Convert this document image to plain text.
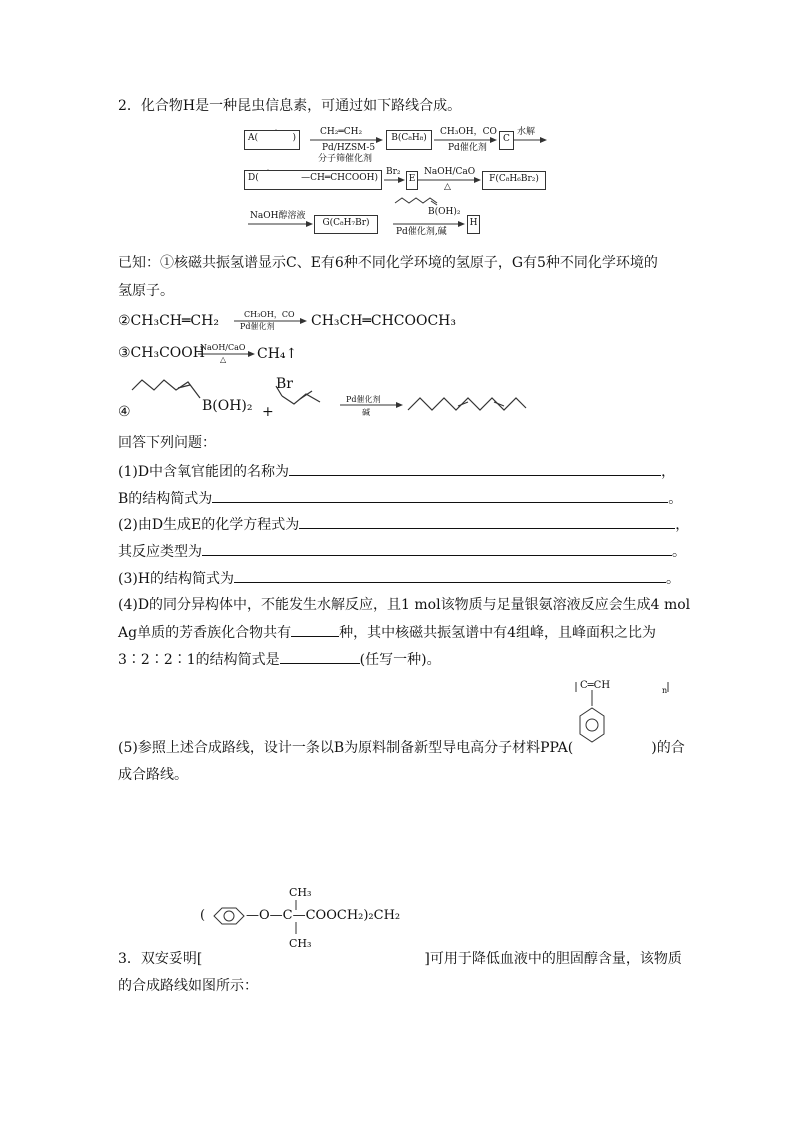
2．化合物H是一种昆虫信息素，可通过如下路线合成。
A(	)
CH₂═CH₂
Pd/HZSM-5
分子筛催化剂
B(C₈H₈)
CH₃OH，CO
Pd催化剂
C
水解
D(	—CH═CHCOOH)
Br₂
E
NaOH/CaO
△
F(C₈H₆Br₂)
NaOH醇溶液
G(C₈H₇Br)
B(OH)₂
Pd催化剂,碱
H
已知：①核磁共振氢谱显示C、E有6种不同化学环境的氢原子，G有5种不同化学环境的
氢原子。
②CH₃CH═CH₂	CH₃OH，CO
Pd催化剂	CH₃CH═CHCOOCH₃
③CH₃COOH
NaOH/CaO
△ CH₄↑
④	B(OH)₂ +
Br
Pd催化剂
碱
回答下列问题：
(1)D中含氧官能团的名称为	，
B的结构简式为	。
(2)由D生成E的化学方程式为	，
其反应类型为	。
(3)H的结构简式为	。
(4)D的同分异构体中，不能发生水解反应，且1 mol该物质与足量银氨溶液反应会生成4 mol
Ag单质的芳香族化合物共有	种，其中核磁共振氢谱中有4组峰，且峰面积之比为
3∶2∶2∶1的结构简式是	(任写一种)。
C═CH	n
(5)参照上述合成路线，设计一条以B为原料制备新型导电高分子材料PPA(	)的合
成合路线。
CH₃
(	—O—C—COOCH₂)₂CH₂
CH₃
3．双安妥明[	]可用于降低血液中的胆固醇含量，该物质
的合成路线如图所示：
